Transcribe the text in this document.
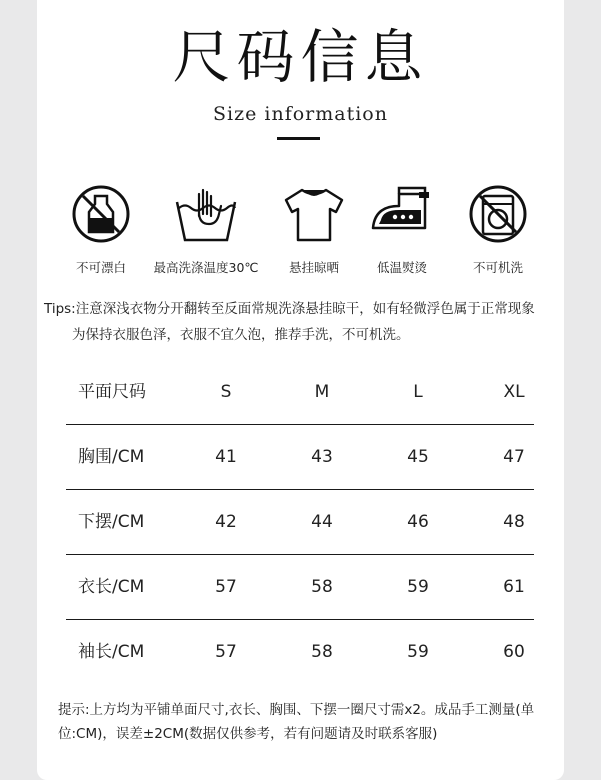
尺码信息
Size information
不可漂白	最高洗涤温度30℃	悬挂晾晒	低温熨烫	不可机洗
Tips:注意深浅衣物分开翻转至反面常规洗涤悬挂晾干，如有轻微浮色属于正常现象
为保持衣服色泽，衣服不宜久泡，推荐手洗，不可机洗。
平面尺码	S	M	L	XL
胸围/CM	41	43	45	47
下摆/CM	42	44	46	48
衣长/CM	57	58	59	61
袖长/CM	57	58	59	60
提示:上方均为平铺单面尺寸,衣长、胸围、下摆一圈尺寸需x2。成品手工测量(单
位:CM)，误差±2CM(数据仅供参考，若有问题请及时联系客服)
